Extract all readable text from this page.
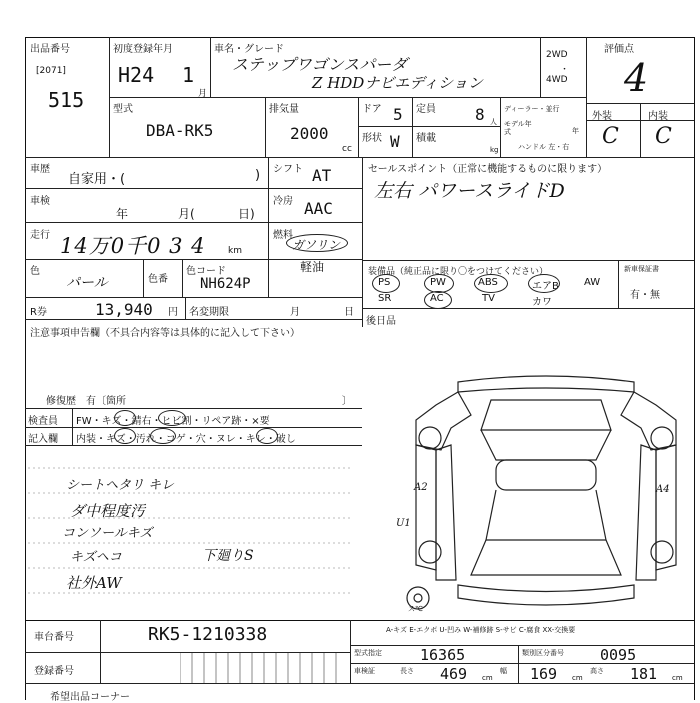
出品番号
[2071]
515
初度登録年月
H24 1
月
車名・グレード
ステップワゴンスパーダ
Z HDDナビエディション
2WD
・
4WD
評価点
4
外装	内装
C C
型式
DBA-RK5
排気量
2000
cc
ドア 5
形状 W
定員 8 人
積載
kg
ディーラー・並行
モデル年式	年
ハンドル 左・右
車歴
自家用・(	) シフト AT
車検
年	月(	日)
冷房 AAC
走行 14万0千0 3 4 km
燃料
ガソリン
軽油
色
パール	色番
色コード
NH624P
R券	13,940 円 名変期限	月	日
セールスポイント（正常に機能するものに限ります）
左右 パワースライドD
装備品（純正品に限り〇をつけてください）
PS	PW	ABS	エアB	AW
SR	AC	TV	カワ
新車保証書
有・無
後日品
注意事項申告欄（不具合内容等は具体的に記入して下さい）
修復歴　有〔箇所	〕
検査員
記入欄
FW・キズ・錆右・ヒビ割・リペア跡・×要
内装・キズ・汚れ・コゲ・穴・ヌレ・キレ・破し
シートヘタリ キレ
ダ中程度汚
コンソールキズ
キズヘコ
社外AW
下廻りS
A2
U1
A4
ス℃
A-キズ E-エクボ U-凹み W-補修跡 S-サビ C-腐食 XX-交換要
車台番号	RK5-1210338
登録番号
型式指定	16365	類別区分番号 0095
車検証	長さ 469 cm
幅 169 cm
高さ 181 cm
希望出品コーナー
